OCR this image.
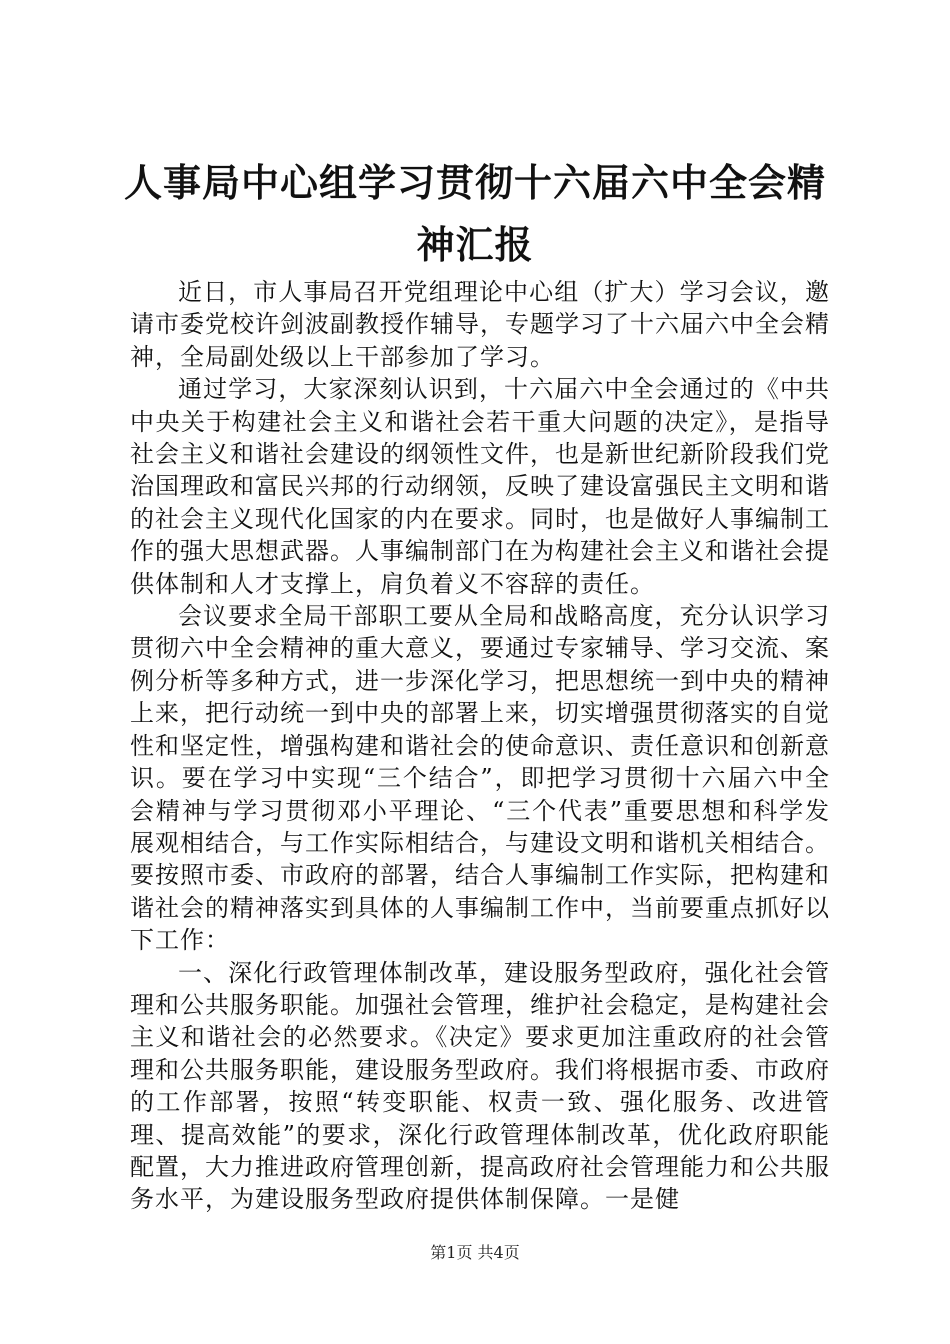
人事局中心组学习贯彻十六届六中全会精神汇报

近日，市人事局召开党组理论中心组（扩大）学习会议，邀请市委党校许剑波副教授作辅导，专题学习了十六届六中全会精神，全局副处级以上干部参加了学习。

通过学习，大家深刻认识到，十六届六中全会通过的《中共中央关于构建社会主义和谐社会若干重大问题的决定》，是指导社会主义和谐社会建设的纲领性文件，也是新世纪新阶段我们党治国理政和富民兴邦的行动纲领，反映了建设富强民主文明和谐的社会主义现代化国家的内在要求。同时，也是做好人事编制工作的强大思想武器。人事编制部门在为构建社会主义和谐社会提供体制和人才支撑上，肩负着义不容辞的责任。

会议要求全局干部职工要从全局和战略高度，充分认识学习贯彻六中全会精神的重大意义，要通过专家辅导、学习交流、案例分析等多种方式，进一步深化学习，把思想统一到中央的精神上来，把行动统一到中央的部署上来，切实增强贯彻落实的自觉性和坚定性，增强构建和谐社会的使命意识、责任意识和创新意识。要在学习中实现“三个结合”，即把学习贯彻十六届六中全会精神与学习贯彻邓小平理论、“三个代表”重要思想和科学发展观相结合，与工作实际相结合，与建设文明和谐机关相结合。要按照市委、市政府的部署，结合人事编制工作实际，把构建和谐社会的精神落实到具体的人事编制工作中，当前要重点抓好以下工作：

一、深化行政管理体制改革，建设服务型政府，强化社会管理和公共服务职能。加强社会管理，维护社会稳定，是构建社会主义和谐社会的必然要求。《决定》要求更加注重政府的社会管理和公共服务职能，建设服务型政府。我们将根据市委、市政府的工作部署，按照“转变职能、权责一致、强化服务、改进管理、提高效能”的要求，深化行政管理体制改革，优化政府职能配置，大力推进政府管理创新，提高政府社会管理能力和公共服务水平，为建设服务型政府提供体制保障。一是健

第1页 共4页
